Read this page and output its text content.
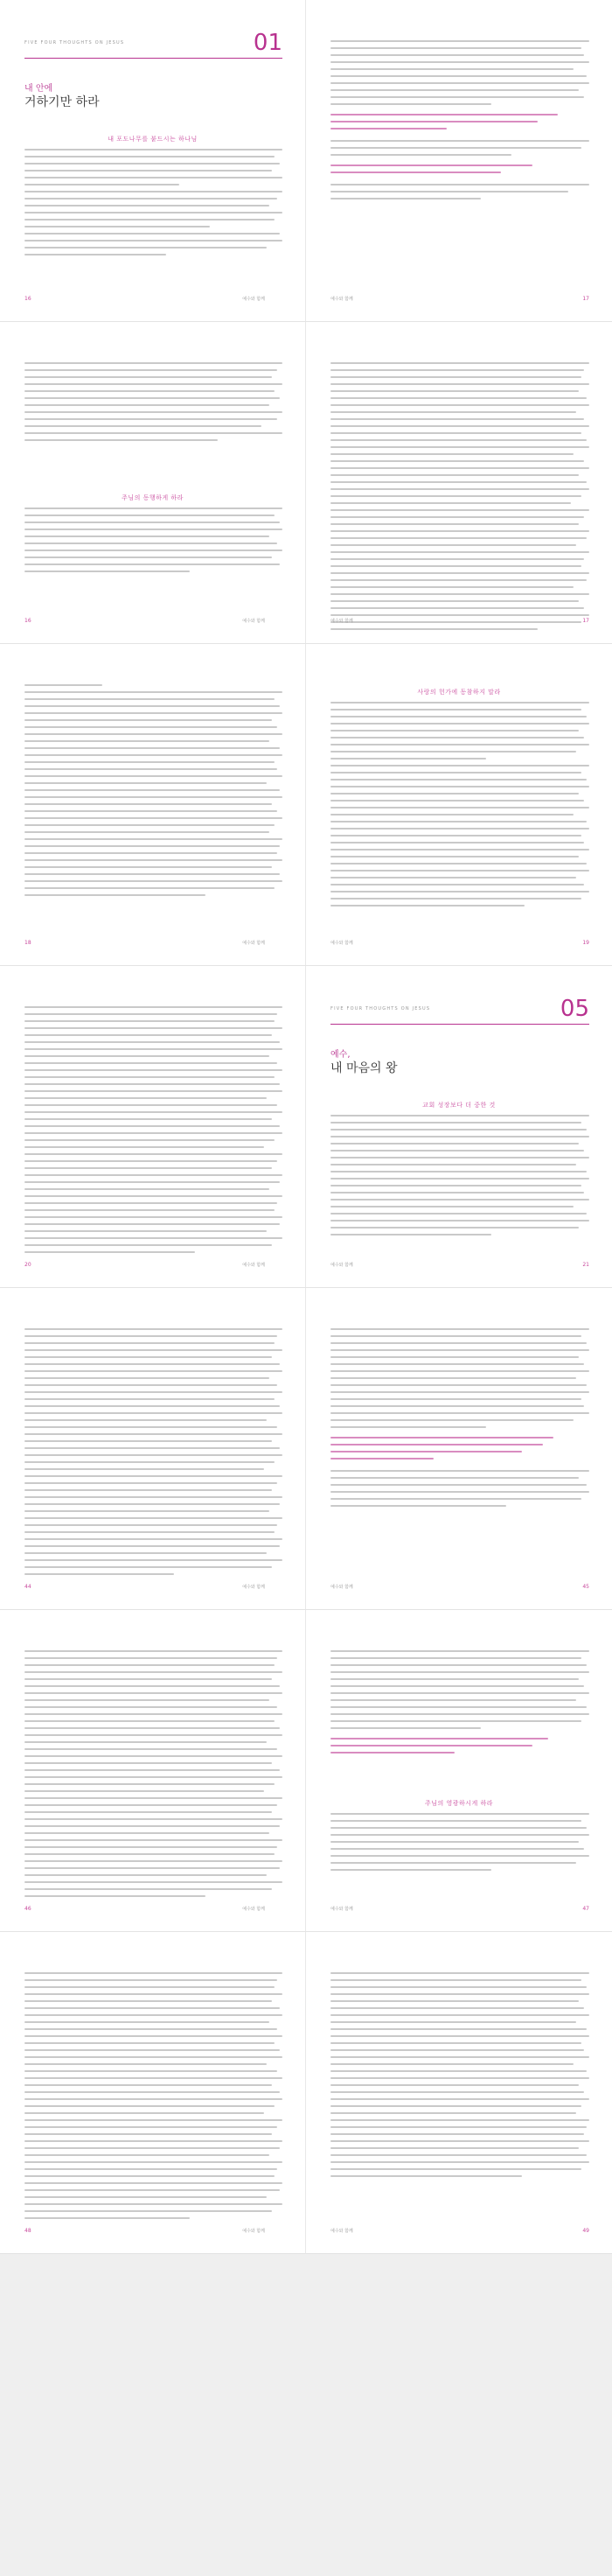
FIVE FOUR THOUGHTS ON JESUS	01
내 안에
거하기만 하라
내 포도나무를 붙드시는 하나님
16	예수와 함께	예수와 함께	17
주님의 동행하게 하라
16	예수와 함께	예수와 함께	17
18	예수와 함께
사랑의 헌가에 동참하지 말라
예수와 함께	19
20	예수와 함께
FIVE FOUR THOUGHTS ON JESUS	05
예수,
내 마음의 왕
교회 성장보다 더 중한 것
예수와 함께	21
44	예수와 함께	예수와 함께	45
46	예수와 함께
주님의 영광하시게 하라
예수와 함께	47
48	예수와 함께	예수와 함께	49
